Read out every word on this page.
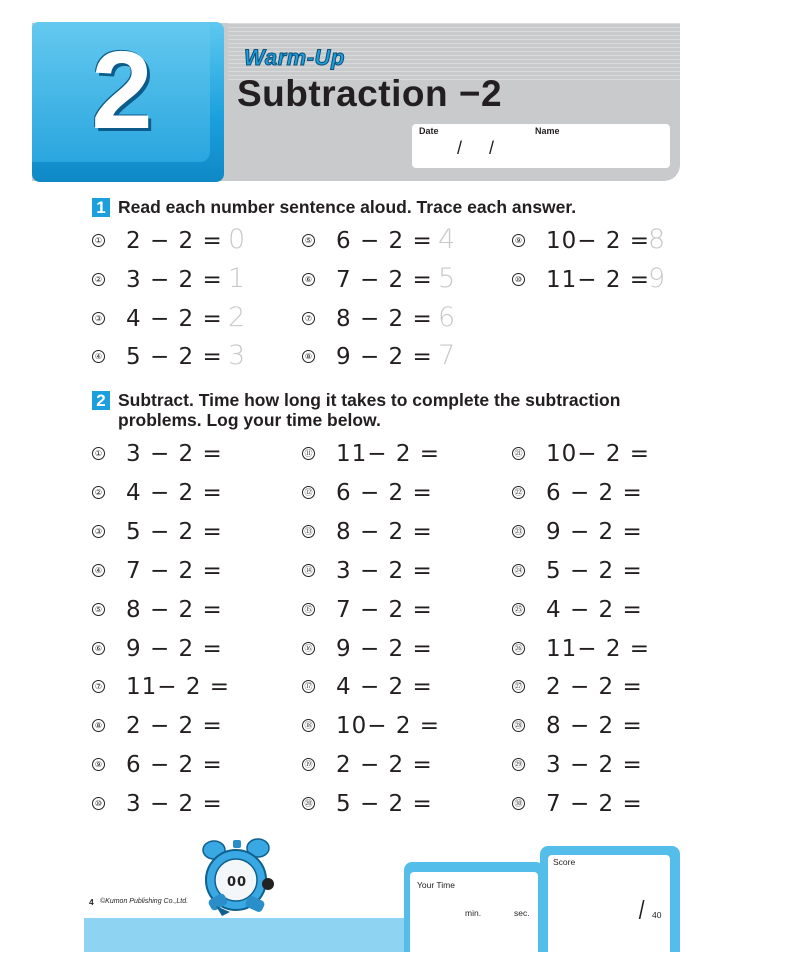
2	Warm-Up
Subtraction −2
Date	Name
/ /
1 Read each number sentence aloud. Trace each answer.
① 2 − 2 = 0
② 3 − 2 = 1
③ 4 − 2 = 2
④ 5 − 2 = 3
⑤ 6 − 2 = 4
⑥ 7 − 2 = 5
⑦ 8 − 2 = 6
⑧ 9 − 2 = 7
⑨ 10− 2 =
8
⑩ 11− 2 =
9
2 Subtract. Time how long it takes to complete the subtraction
problems. Log your time below.
① 3 − 2 =
② 4 − 2 =
③ 5 − 2 =
④ 7 − 2 =
⑤ 8 − 2 =
⑥ 9 − 2 =
⑦ 11− 2 =
⑧ 2 − 2 =
⑨ 6 − 2 =
⑩ 3 − 2 =
⑪ 11− 2 =
⑫ 6 − 2 =
⑬ 8 − 2 =
⑭ 3 − 2 =
⑮ 7 − 2 =
⑯ 9 − 2 =
⑰ 4 − 2 =
⑱ 10− 2 =
⑲ 2 − 2 =
⑳ 5 − 2 =
㉑ 10− 2 =
㉒ 6 − 2 =
㉓ 9 − 2 =
㉔ 5 − 2 =
㉕ 4 − 2 =
㉖ 11− 2 =
㉗ 2 − 2 =
㉘ 8 − 2 =
㉙ 3 − 2 =
㉚ 7 − 2 =
4 ©Kumon Publishing Co.,Ltd.
0 0	Your Time
min.	sec.
Score
/ 40
